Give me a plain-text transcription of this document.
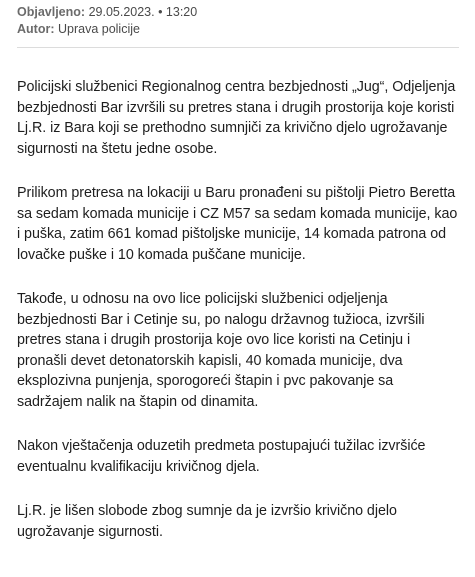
Objavljeno: 29.05.2023. • 13:20
Autor: Uprava policije

Policijski službenici Regionalnog centra bezbjednosti „Jug“, Odjeljenja bezbjednosti Bar izvršili su pretres stana i drugih prostorija koje koristi Lj.R. iz Bara koji se prethodno sumnjiči za krivično djelo ugrožavanje sigurnosti na štetu jedne osobe.

Prilikom pretresa na lokaciji u Baru pronađeni su pištolji Pietro Beretta sa sedam komada municije i CZ M57 sa sedam komada municije, kao i puška, zatim 661 komad pištoljske municije, 14 komada patrona od lovačke puške i 10 komada puščane municije.

Takođe, u odnosu na ovo lice policijski službenici odjeljenja bezbjednosti Bar i Cetinje su, po nalogu državnog tužioca, izvršili pretres stana i drugih prostorija koje ovo lice koristi na Cetinju i pronašli devet detonatorskih kapisli, 40 komada municije, dva eksplozivna punjenja, sporogoreći štapin i pvc pakovanje sa sadržajem nalik na štapin od dinamita.

Nakon vještačenja oduzetih predmeta postupajući tužilac izvršiće eventualnu kvalifikaciju krivičnog djela.

Lj.R. je lišen slobode zbog sumnje da je izvršio krivično djelo ugrožavanje sigurnosti.
